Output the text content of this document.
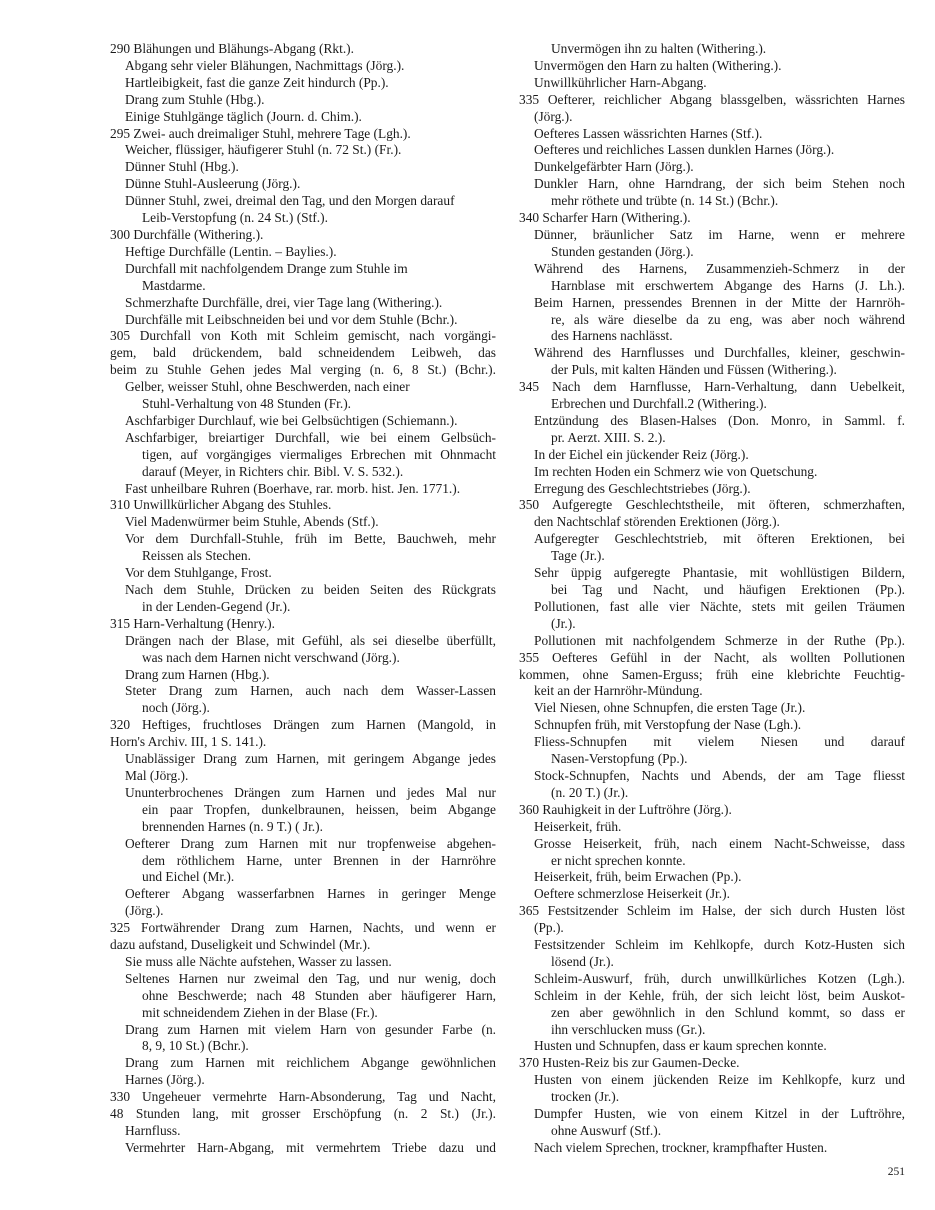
290 Blähungen und Blähungs-Abgang (Rkt.).
Abgang sehr vieler Blähungen, Nachmittags (Jörg.).
Hartleibigkeit, fast die ganze Zeit hindurch (Pp.).
Drang zum Stuhle (Hbg.).
Einige Stuhlgänge täglich (Journ. d. Chim.).
295 Zwei- auch dreimaliger Stuhl, mehrere Tage (Lgh.).
Weicher, flüssiger, häufigerer Stuhl (n. 72 St.) (Fr.).
Dünner Stuhl (Hbg.).
Dünne Stuhl-Ausleerung (Jörg.).
Dünner Stuhl, zwei, dreimal den Tag, und den Morgen darauf
Leib-Verstopfung (n. 24 St.) (Stf.).
300 Durchfälle (Withering.).
Heftige Durchfälle (Lentin. – Baylies.).
Durchfall mit nachfolgendem Drange zum Stuhle im
Mastdarme.
Schmerzhafte Durchfälle, drei, vier Tage lang (Withering.).
Durchfälle mit Leibschneiden bei und vor dem Stuhle (Bchr.).
305 Durchfall von Koth mit Schleim gemischt, nach vorgängi-
gem, bald drückendem, bald schneidendem Leibweh, das
beim zu Stuhle Gehen jedes Mal verging (n. 6, 8 St.) (Bchr.).
Gelber, weisser Stuhl, ohne Beschwerden, nach einer
Stuhl-Verhaltung von 48 Stunden (Fr.).
Aschfarbiger Durchlauf, wie bei Gelbsüchtigen (Schiemann.).
Aschfarbiger, breiartiger Durchfall, wie bei einem Gelbsüch-
tigen, auf vorgängiges viermaliges Erbrechen mit Ohnmacht
darauf (Meyer, in Richters chir. Bibl. V. S. 532.).
Fast unheilbare Ruhren (Boerhave, rar. morb. hist. Jen. 1771.).
310 Unwillkürlicher Abgang des Stuhles.
Viel Madenwürmer beim Stuhle, Abends (Stf.).
Vor dem Durchfall-Stuhle, früh im Bette, Bauchweh, mehr
Reissen als Stechen.
Vor dem Stuhlgange, Frost.
Nach dem Stuhle, Drücken zu beiden Seiten des Rückgrats
in der Lenden-Gegend (Jr.).
315 Harn-Verhaltung (Henry.).
Drängen nach der Blase, mit Gefühl, als sei dieselbe überfüllt,
was nach dem Harnen nicht verschwand (Jörg.).
Drang zum Harnen (Hbg.).
Steter Drang zum Harnen, auch nach dem Wasser-Lassen
noch (Jörg.).
320 Heftiges, fruchtloses Drängen zum Harnen (Mangold, in
Horn's Archiv. III, 1 S. 141.).
Unablässiger Drang zum Harnen, mit geringem Abgange jedes
Mal (Jörg.).
Ununterbrochenes Drängen zum Harnen und jedes Mal nur
ein paar Tropfen, dunkelbraunen, heissen, beim Abgange
brennenden Harnes (n. 9 T.) ( Jr.).
Oefterer Drang zum Harnen mit nur tropfenweise abgehen-
dem röthlichem Harne, unter Brennen in der Harnröhre
und Eichel (Mr.).
Oefterer Abgang wasserfarbnen Harnes in geringer Menge
(Jörg.).
325 Fortwährender Drang zum Harnen, Nachts, und wenn er
dazu aufstand, Duseligkeit und Schwindel (Mr.).
Sie muss alle Nächte aufstehen, Wasser zu lassen.
Seltenes Harnen nur zweimal den Tag, und nur wenig, doch
ohne Beschwerde; nach 48 Stunden aber häufigerer Harn,
mit schneidendem Ziehen in der Blase (Fr.).
Drang zum Harnen mit vielem Harn von gesunder Farbe (n.
8, 9, 10 St.) (Bchr.).
Drang zum Harnen mit reichlichem Abgange gewöhnlichen
Harnes (Jörg.).
330 Ungeheuer vermehrte Harn-Absonderung, Tag und Nacht,
48 Stunden lang, mit grosser Erschöpfung (n. 2 St.) (Jr.).
Harnfluss.
Vermehrter Harn-Abgang, mit vermehrtem Triebe dazu und
Unvermögen ihn zu halten (Withering.).
Unvermögen den Harn zu halten (Withering.).
Unwillkührlicher Harn-Abgang.
335 Oefterer, reichlicher Abgang blassgelben, wässrichten Harnes
(Jörg.).
Oefteres Lassen wässrichten Harnes (Stf.).
Oefteres und reichliches Lassen dunklen Harnes (Jörg.).
Dunkelgefärbter Harn (Jörg.).
Dunkler Harn, ohne Harndrang, der sich beim Stehen noch
mehr röthete und trübte (n. 14 St.) (Bchr.).
340 Scharfer Harn (Withering.).
Dünner, bräunlicher Satz im Harne, wenn er mehrere
Stunden gestanden (Jörg.).
Während des Harnens, Zusammenzieh-Schmerz in der
Harnblase mit erschwertem Abgange des Harns (J. Lh.).
Beim Harnen, pressendes Brennen in der Mitte der Harnröh-
re, als wäre dieselbe da zu eng, was aber noch während
des Harnens nachlässt.
Während des Harnflusses und Durchfalles, kleiner, geschwin-
der Puls, mit kalten Händen und Füssen (Withering.).
345 Nach dem Harnflusse, Harn-Verhaltung, dann Uebelkeit,
Erbrechen und Durchfall.2 (Withering.).
Entzündung des Blasen-Halses (Don. Monro, in Samml. f.
pr. Aerzt. XIII. S. 2.).
In der Eichel ein jückender Reiz (Jörg.).
Im rechten Hoden ein Schmerz wie von Quetschung.
Erregung des Geschlechtstriebes (Jörg.).
350 Aufgeregte Geschlechtstheile, mit öfteren, schmerzhaften,
den Nachtschlaf störenden Erektionen (Jörg.).
Aufgeregter Geschlechtstrieb, mit öfteren Erektionen, bei
Tage (Jr.).
Sehr üppig aufgeregte Phantasie, mit wohllüstigen Bildern,
bei Tag und Nacht, und häufigen Erektionen (Pp.).
Pollutionen, fast alle vier Nächte, stets mit geilen Träumen
(Jr.).
Pollutionen mit nachfolgendem Schmerze in der Ruthe (Pp.).
355 Oefteres Gefühl in der Nacht, als wollten Pollutionen
kommen, ohne Samen-Erguss; früh eine klebrichte Feuchtig-
keit an der Harnröhr-Mündung.
Viel Niesen, ohne Schnupfen, die ersten Tage (Jr.).
Schnupfen früh, mit Verstopfung der Nase (Lgh.).
Fliess-Schnupfen mit vielem Niesen und darauf
Nasen-Verstopfung (Pp.).
Stock-Schnupfen, Nachts und Abends, der am Tage fliesst
(n. 20 T.) (Jr.).
360 Rauhigkeit in der Luftröhre (Jörg.).
Heiserkeit, früh.
Grosse Heiserkeit, früh, nach einem Nacht-Schweisse, dass
er nicht sprechen konnte.
Heiserkeit, früh, beim Erwachen (Pp.).
Oeftere schmerzlose Heiserkeit (Jr.).
365 Festsitzender Schleim im Halse, der sich durch Husten löst
(Pp.).
Festsitzender Schleim im Kehlkopfe, durch Kotz-Husten sich
lösend (Jr.).
Schleim-Auswurf, früh, durch unwillkürliches Kotzen (Lgh.).
Schleim in der Kehle, früh, der sich leicht löst, beim Auskot-
zen aber gewöhnlich in den Schlund kommt, so dass er
ihn verschlucken muss (Gr.).
Husten und Schnupfen, dass er kaum sprechen konnte.
370 Husten-Reiz bis zur Gaumen-Decke.
Husten von einem jückenden Reize im Kehlkopfe, kurz und
trocken (Jr.).
Dumpfer Husten, wie von einem Kitzel in der Luftröhre,
ohne Auswurf (Stf.).
Nach vielem Sprechen, trockner, krampfhafter Husten.
251
